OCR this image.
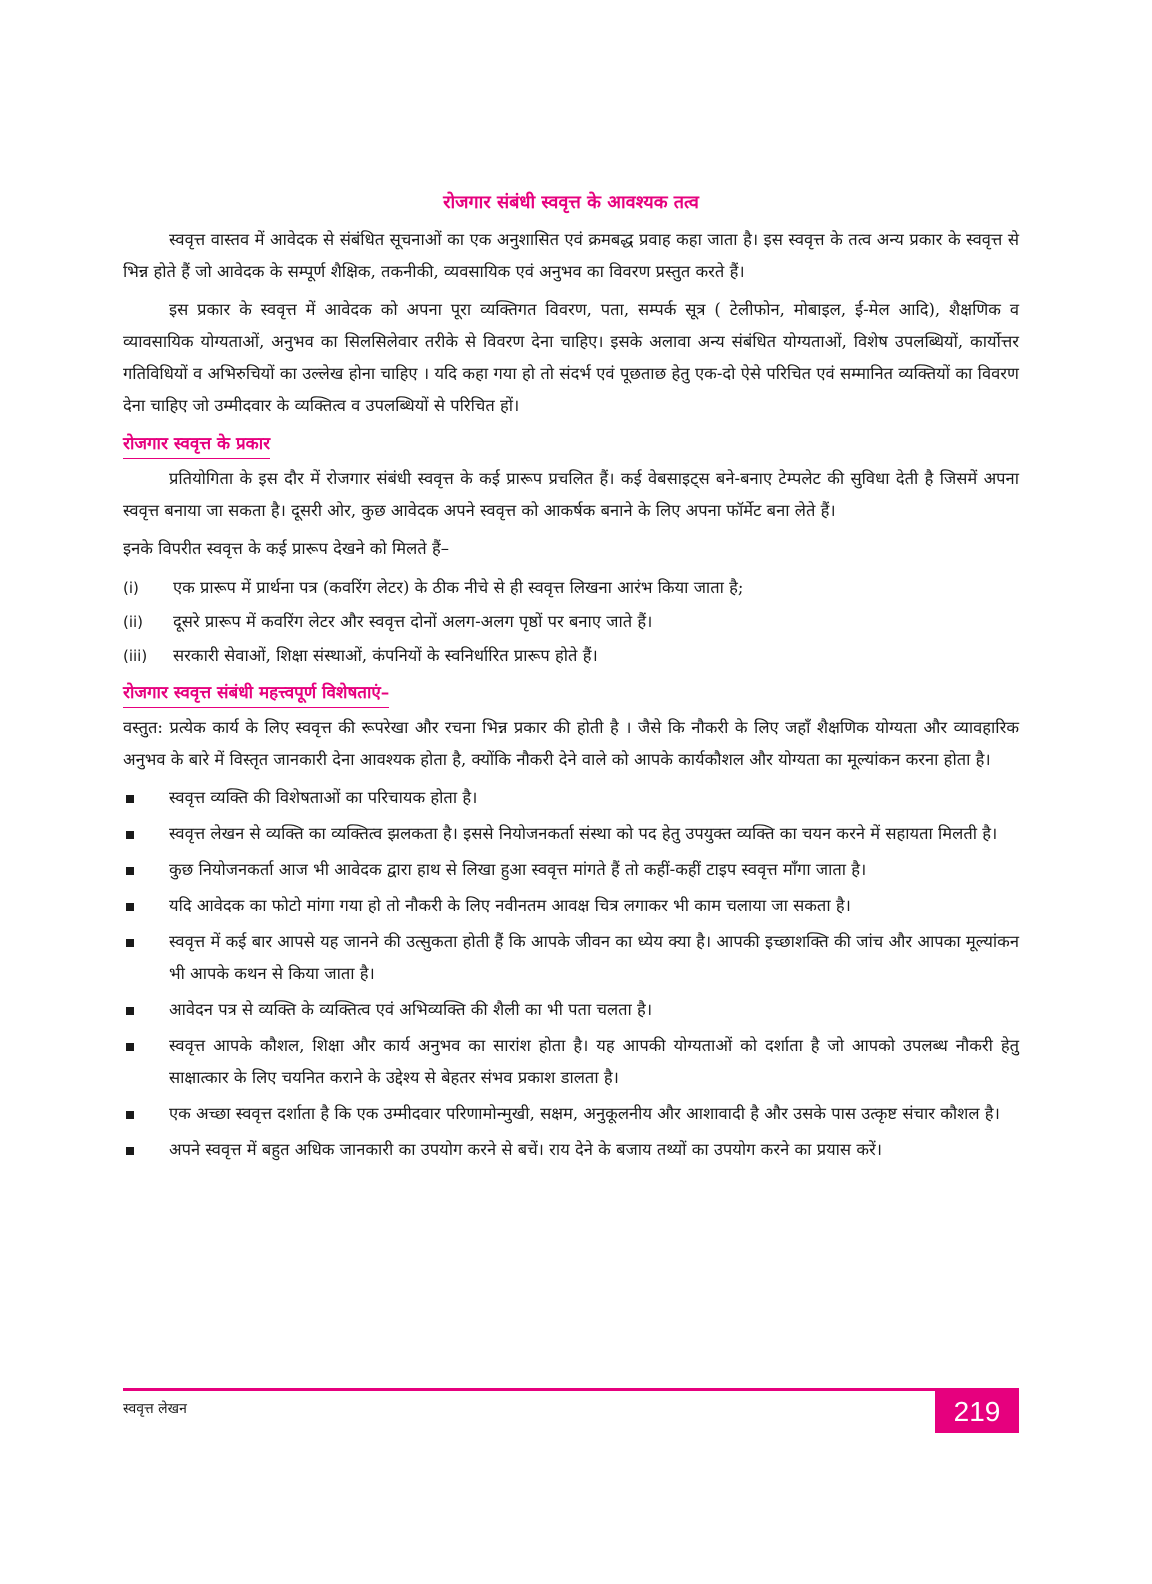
रोजगार संबंधी स्ववृत्त के आवश्यक तत्व

स्ववृत्त वास्तव में आवेदक से संबंधित सूचनाओं का एक अनुशासित एवं क्रमबद्ध प्रवाह कहा जाता है। इस स्ववृत्त के तत्व अन्य प्रकार के स्ववृत्त से भिन्न होते हैं जो आवेदक के सम्पूर्ण शैक्षिक, तकनीकी, व्यवसायिक एवं अनुभव का विवरण प्रस्तुत करते हैं।

इस प्रकार के स्ववृत्त में आवेदक को अपना पूरा व्यक्तिगत विवरण, पता, सम्पर्क सूत्र ( टेलीफोन, मोबाइल, ई-मेल आदि), शैक्षणिक व व्यावसायिक योग्यताओं, अनुभव का सिलसिलेवार तरीके से विवरण देना चाहिए। इसके अलावा अन्य संबंधित योग्यताओं, विशेष उपलब्धियों, कार्योत्तर गतिविधियों व अभिरुचियों का उल्लेख होना चाहिए । यदि कहा गया हो तो संदर्भ एवं पूछताछ हेतु एक-दो ऐसे परिचित एवं सम्मानित व्यक्तियों का विवरण देना चाहिए जो उम्मीदवार के व्यक्तित्व व उपलब्धियों से परिचित हों।

रोजगार स्ववृत्त के प्रकार

प्रतियोगिता के इस दौर में रोजगार संबंधी स्ववृत्त के कई प्रारूप प्रचलित हैं। कई वेबसाइट्स बने-बनाए टेम्पलेट की सुविधा देती है जिसमें अपना स्ववृत्त बनाया जा सकता है। दूसरी ओर, कुछ आवेदक अपने स्ववृत्त को आकर्षक बनाने के लिए अपना फॉर्मेट बना लेते हैं।

इनके विपरीत स्ववृत्त के कई प्रारूप देखने को मिलते हैं–

(i)	एक प्रारूप में प्रार्थना पत्र (कवरिंग लेटर) के ठीक नीचे से ही स्ववृत्त लिखना आरंभ किया जाता है;
(ii)	दूसरे प्रारूप में कवरिंग लेटर और स्ववृत्त दोनों अलग-अलग पृष्ठों पर बनाए जाते हैं।
(iii)	सरकारी सेवाओं, शिक्षा संस्थाओं, कंपनियों के स्वनिर्धारित प्रारूप होते हैं।
रोजगार स्ववृत्त संबंधी महत्त्वपूर्ण विशेषताएं–

वस्तुत: प्रत्येक कार्य के लिए स्ववृत्त की रूपरेखा और रचना भिन्न प्रकार की होती है । जैसे कि नौकरी के लिए जहाँ शैक्षणिक योग्यता और व्यावहारिक अनुभव के बारे में विस्तृत जानकारी देना आवश्यक होता है, क्योंकि नौकरी देने वाले को आपके कार्यकौशल और योग्यता का मूल्यांकन करना होता है।

स्ववृत्त व्यक्ति की विशेषताओं का परिचायक होता है।
स्ववृत्त लेखन से व्यक्ति का व्यक्तित्व झलकता है। इससे नियोजनकर्ता संस्था को पद हेतु उपयुक्त व्यक्ति का चयन करने में सहायता मिलती है।
कुछ नियोजनकर्ता आज भी आवेदक द्वारा हाथ से लिखा हुआ स्ववृत्त मांगते हैं तो कहीं-कहीं टाइप स्ववृत्त माँगा जाता है।
यदि आवेदक का फोटो मांगा गया हो तो नौकरी के लिए नवीनतम आवक्ष चित्र लगाकर भी काम चलाया जा सकता है।
स्ववृत्त में कई बार आपसे यह जानने की उत्सुकता होती हैं कि आपके जीवन का ध्येय क्या है। आपकी इच्छाशक्ति की जांच और आपका मूल्यांकन भी आपके कथन से किया जाता है।
आवेदन पत्र से व्यक्ति के व्यक्तित्व एवं अभिव्यक्ति की शैली का भी पता चलता है।
स्ववृत्त आपके कौशल, शिक्षा और कार्य अनुभव का सारांश होता है। यह आपकी योग्यताओं को दर्शाता है जो आपको उपलब्ध नौकरी हेतु साक्षात्कार के लिए चयनित कराने के उद्देश्य से बेहतर संभव प्रकाश डालता है।
एक अच्छा स्ववृत्त दर्शाता है कि एक उम्मीदवार परिणामोन्मुखी, सक्षम, अनुकूलनीय और आशावादी है और उसके पास उत्कृष्ट संचार कौशल है।
अपने स्ववृत्त में बहुत अधिक जानकारी का उपयोग करने से बचें। राय देने के बजाय तथ्यों का उपयोग करने का प्रयास करें।
स्ववृत्त लेखन	219
